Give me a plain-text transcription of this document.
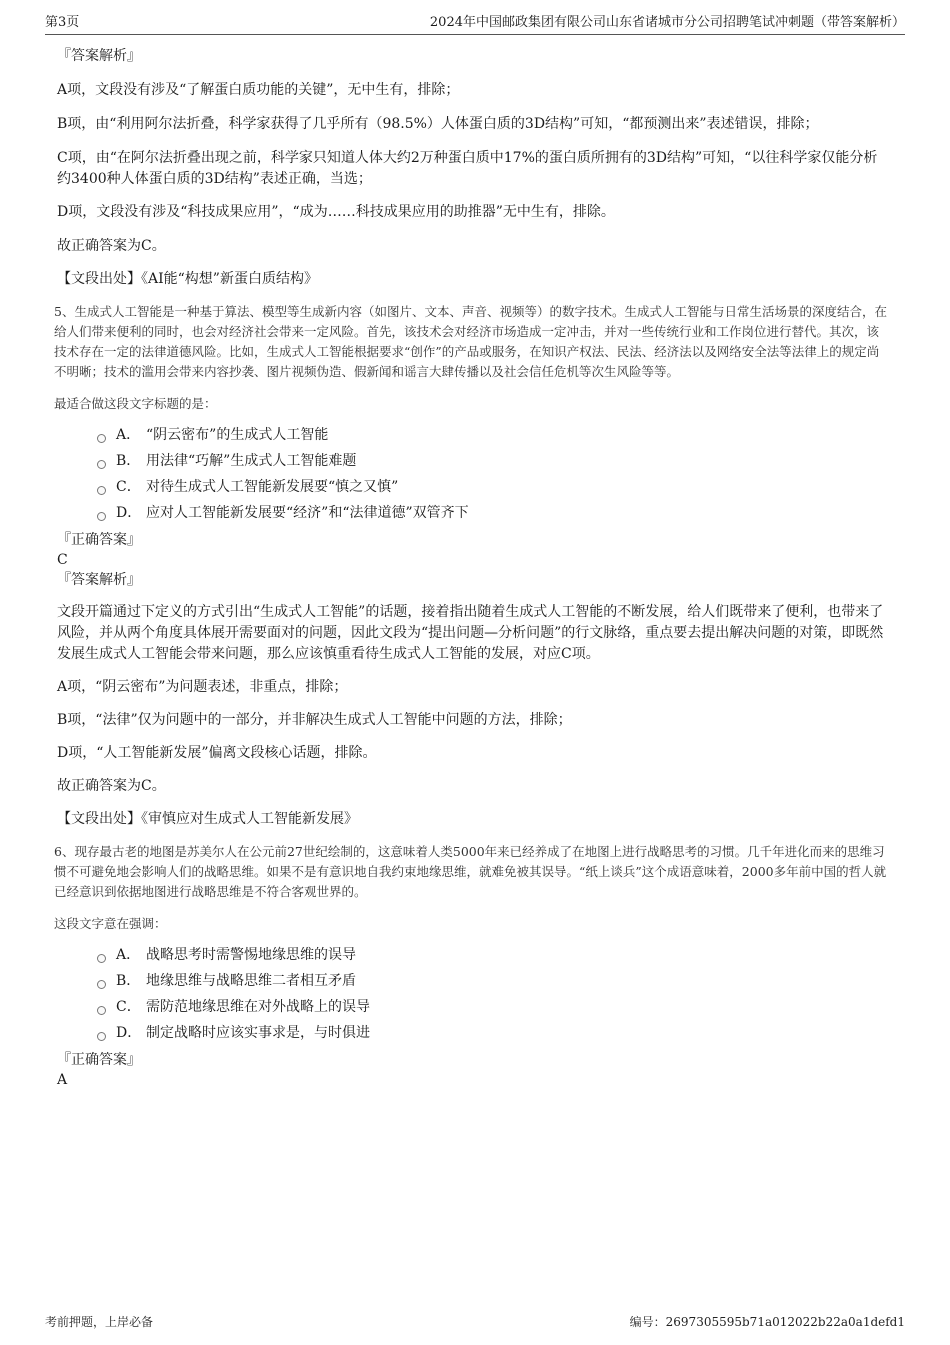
第3页	2024年中国邮政集团有限公司山东省诸城市分公司招聘笔试冲刺题（带答案解析）

『答案解析』

A项，文段没有涉及“了解蛋白质功能的关键”，无中生有，排除；

B项，由“利用阿尔法折叠，科学家获得了几乎所有（98.5%）人体蛋白质的3D结构”可知，“都预测出来”表述错误，排除；

C项，由“在阿尔法折叠出现之前，科学家只知道人体大约2万种蛋白质中17%的蛋白质所拥有的3D结构”可知，“以往科学家仅能分析约3400种人体蛋白质的3D结构”表述正确，当选；

D项，文段没有涉及“科技成果应用”，“成为……科技成果应用的助推器”无中生有，排除。

故正确答案为C。

【文段出处】《AI能“构想”新蛋白质结构》

5、生成式人工智能是一种基于算法、模型等生成新内容（如图片、文本、声音、视频等）的数字技术。生成式人工智能与日常生活场景的深度结合，在给人们带来便利的同时，也会对经济社会带来一定风险。首先，该技术会对经济市场造成一定冲击，并对一些传统行业和工作岗位进行替代。其次，该技术存在一定的法律道德风险。比如，生成式人工智能根据要求“创作”的产品或服务，在知识产权法、民法、经济法以及网络安全法等法律上的规定尚不明晰；技术的滥用会带来内容抄袭、图片视频伪造、假新闻和谣言大肆传播以及社会信任危机等次生风险等等。

最适合做这段文字标题的是：

A． “阴云密布”的生成式人工智能
B． 用法律“巧解”生成式人工智能难题
C． 对待生成式人工智能新发展要“慎之又慎”
D． 应对人工智能新发展要“经济”和“法律道德”双管齐下

『正确答案』

C

『答案解析』

文段开篇通过下定义的方式引出“生成式人工智能”的话题，接着指出随着生成式人工智能的不断发展，给人们既带来了便利，也带来了风险，并从两个角度具体展开需要面对的问题，因此文段为“提出问题—分析问题”的行文脉络，重点要去提出解决问题的对策，即既然发展生成式人工智能会带来问题，那么应该慎重看待生成式人工智能的发展，对应C项。

A项，“阴云密布”为问题表述，非重点，排除；

B项，“法律”仅为问题中的一部分，并非解决生成式人工智能中问题的方法，排除；

D项，“人工智能新发展”偏离文段核心话题，排除。

故正确答案为C。

【文段出处】《审慎应对生成式人工智能新发展》

6、现存最古老的地图是苏美尔人在公元前27世纪绘制的，这意味着人类5000年来已经养成了在地图上进行战略思考的习惯。几千年进化而来的思维习惯不可避免地会影响人们的战略思维。如果不是有意识地自我约束地缘思维，就难免被其误导。“纸上谈兵”这个成语意味着，2000多年前中国的哲人就已经意识到依据地图进行战略思维是不符合客观世界的。

这段文字意在强调：

A． 战略思考时需警惕地缘思维的误导
B． 地缘思维与战略思维二者相互矛盾
C． 需防范地缘思维在对外战略上的误导
D． 制定战略时应该实事求是，与时俱进

『正确答案』

A

考前押题，上岸必备	编号：2697305595b71a012022b22a0a1defd1
